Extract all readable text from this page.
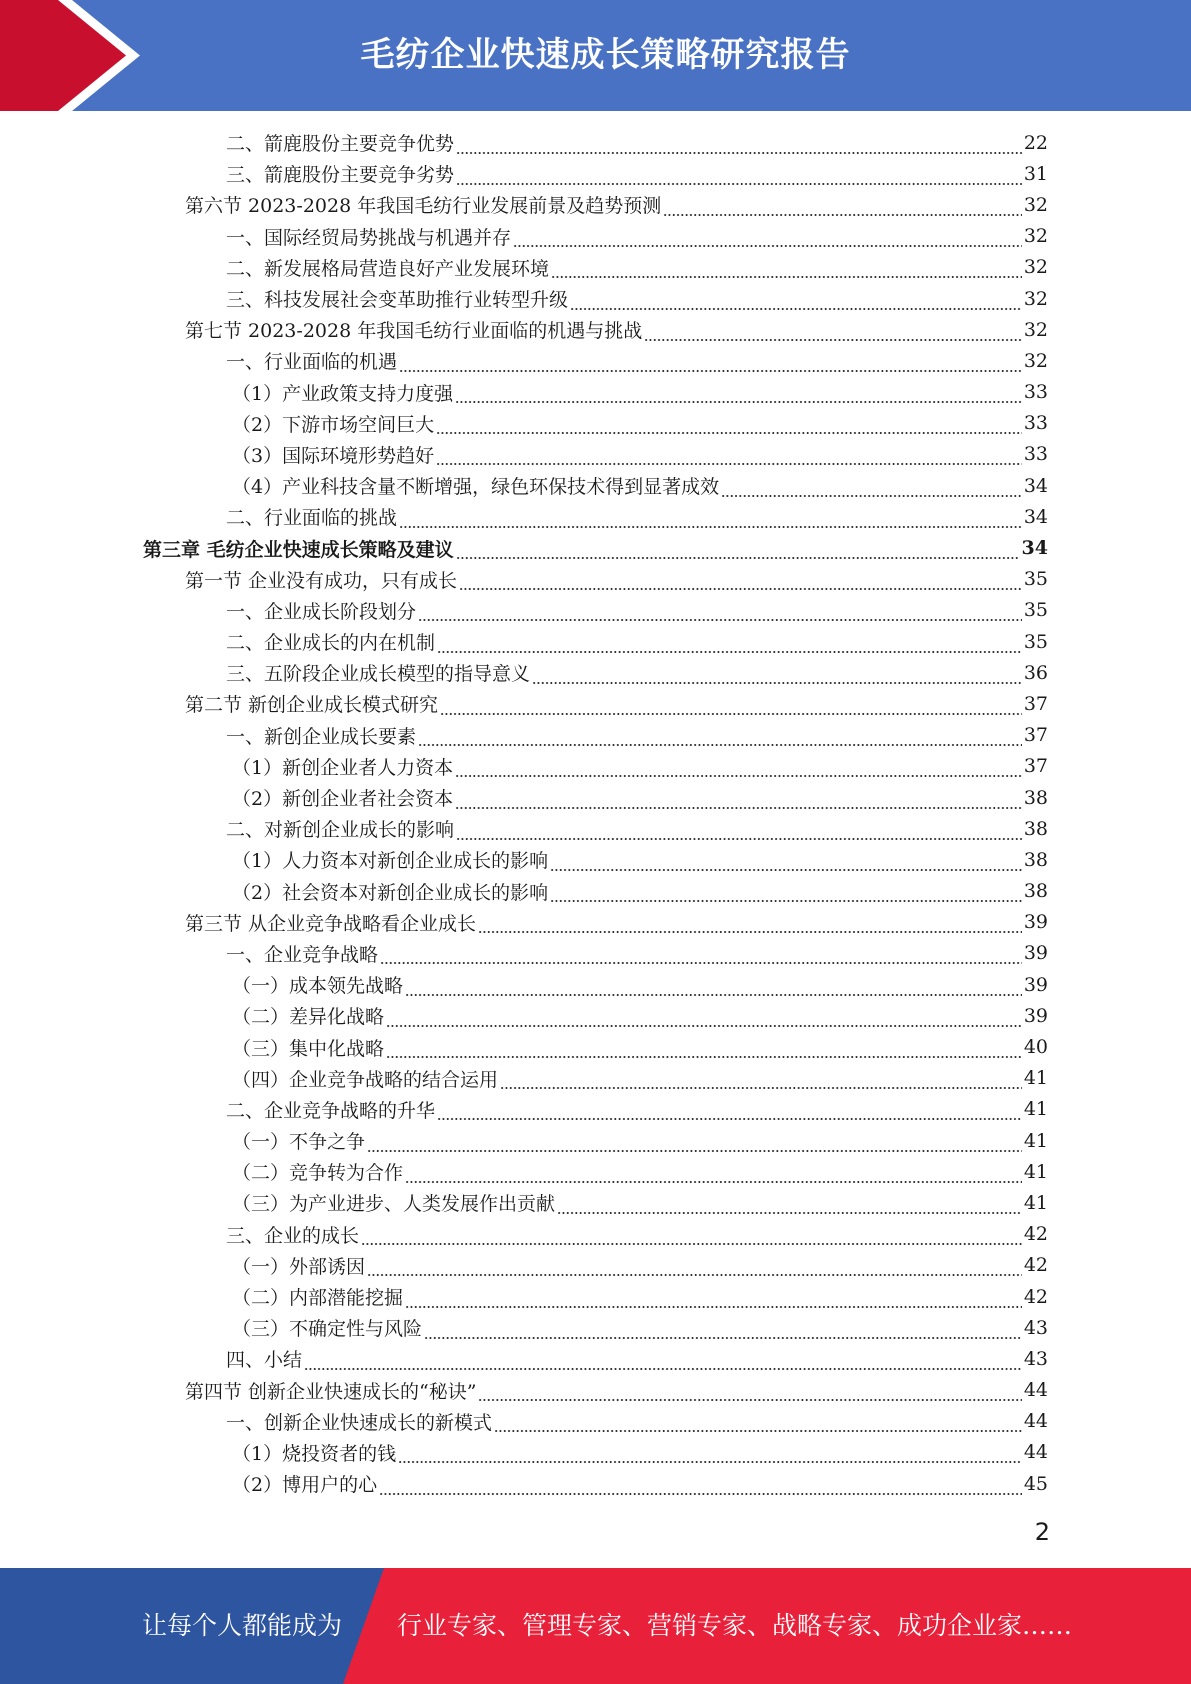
毛纺企业快速成长策略研究报告
二、箭鹿股份主要竞争优势	22
三、箭鹿股份主要竞争劣势	31
第六节 2023-2028 年我国毛纺行业发展前景及趋势预测	32
一、国际经贸局势挑战与机遇并存	32
二、新发展格局营造良好产业发展环境	32
三、科技发展社会变革助推行业转型升级	32
第七节 2023-2028 年我国毛纺行业面临的机遇与挑战	32
一、行业面临的机遇	32
（1）产业政策支持力度强	33
（2）下游市场空间巨大	33
（3）国际环境形势趋好	33
（4）产业科技含量不断增强，绿色环保技术得到显著成效	34
二、行业面临的挑战	34
第三章 毛纺企业快速成长策略及建议	34
第一节 企业没有成功，只有成长	35
一、企业成长阶段划分	35
二、企业成长的内在机制	35
三、五阶段企业成长模型的指导意义	36
第二节 新创企业成长模式研究	37
一、新创企业成长要素	37
（1）新创企业者人力资本	37
（2）新创企业者社会资本	38
二、对新创企业成长的影响	38
（1）人力资本对新创企业成长的影响	38
（2）社会资本对新创企业成长的影响	38
第三节 从企业竞争战略看企业成长	39
一、企业竞争战略	39
（一）成本领先战略	39
（二）差异化战略	39
（三）集中化战略	40
（四）企业竞争战略的结合运用	41
二、企业竞争战略的升华	41
（一）不争之争	41
（二）竞争转为合作	41
（三）为产业进步、人类发展作出贡献	41
三、企业的成长	42
（一）外部诱因	42
（二）内部潜能挖掘	42
（三）不确定性与风险	43
四、小结	43
第四节 创新企业快速成长的“秘诀”	44
一、创新企业快速成长的新模式	44
（1）烧投资者的钱	44
（2）博用户的心	45
2
让每个人都能成为 行业专家、管理专家、营销专家、战略专家、成功企业家……
